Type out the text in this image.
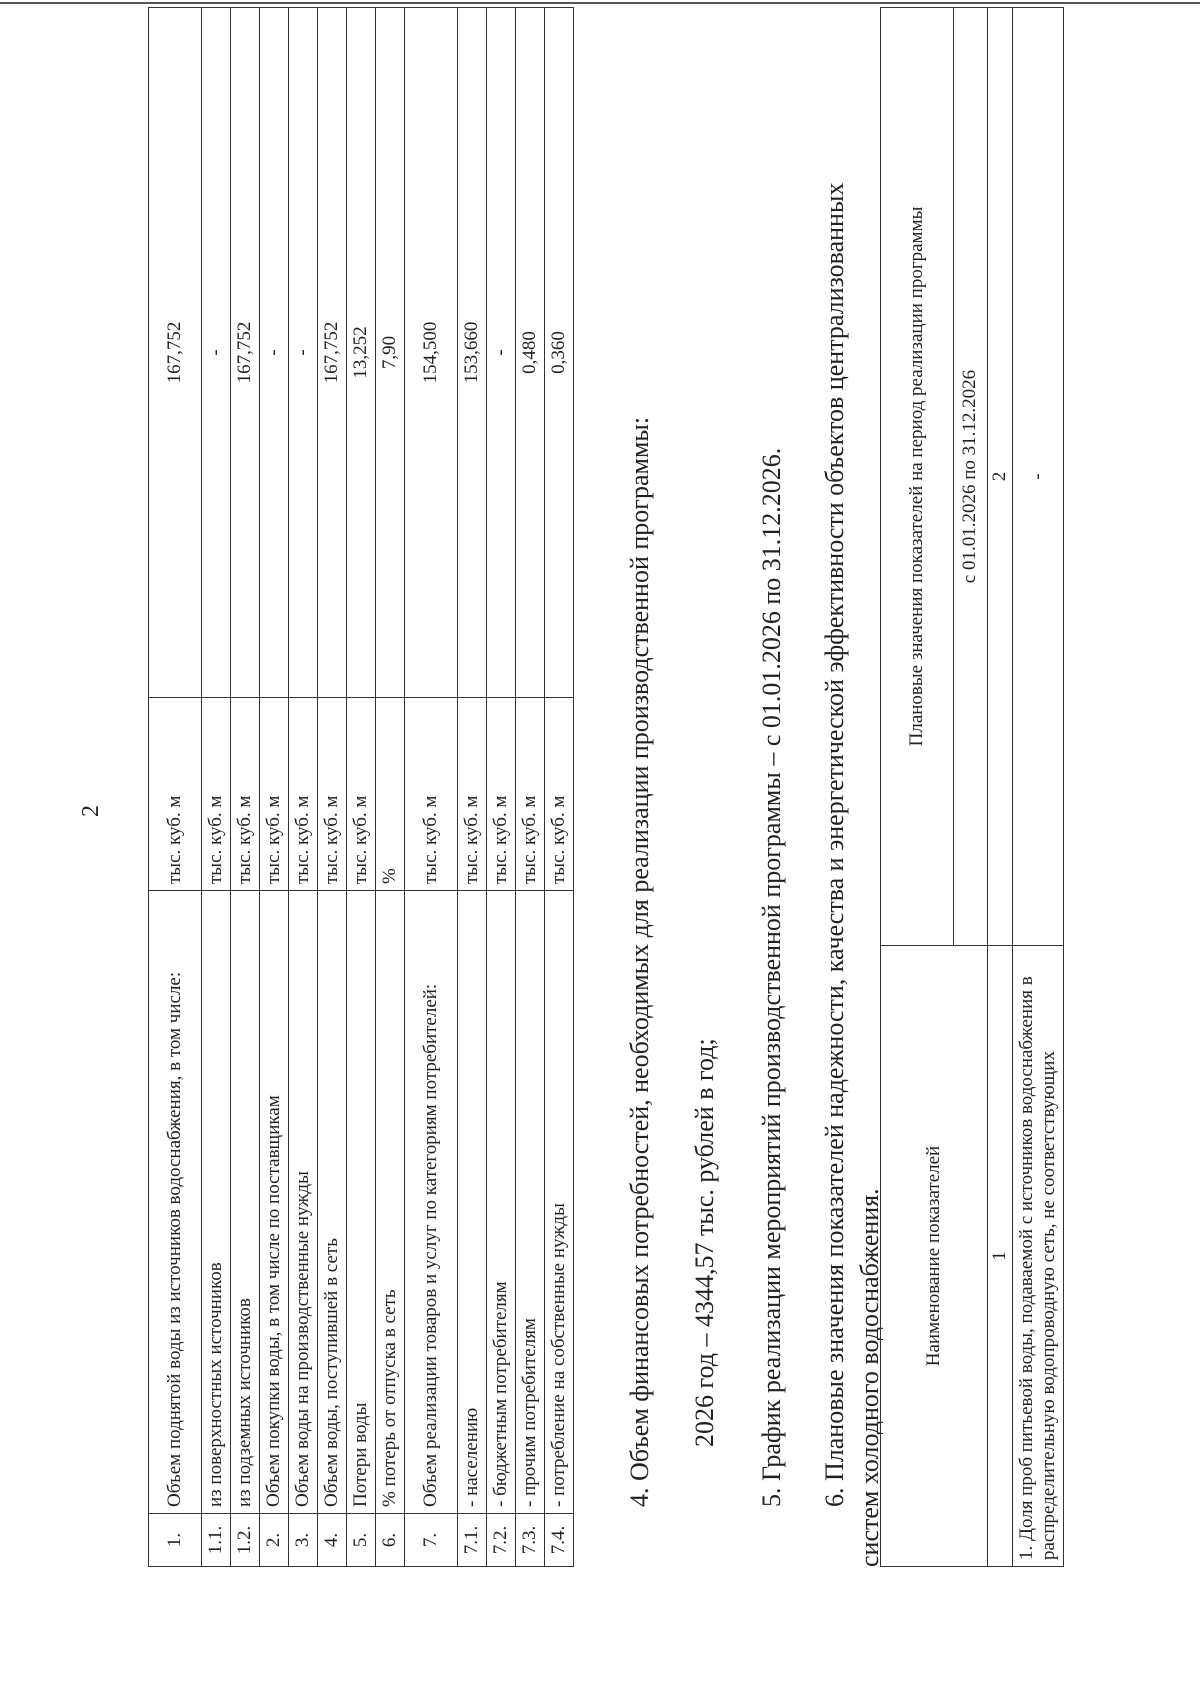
2
1.	Объем поднятой воды из источников водоснабжения, в том числе:	тыс. куб. м	167,752
1.1.	из поверхностных источников	тыс. куб. м	-
1.2.	из подземных источников	тыс. куб. м	167,752
2.	Объем покупки воды, в том числе по поставщикам	тыс. куб. м	-
3.	Объем воды на производственные нужды	тыс. куб. м	-
4.	Объем воды, поступившей в сеть	тыс. куб. м	167,752
5.	Потери воды	тыс. куб. м	13,252
6.	% потерь от отпуска в сеть	%	7,90
7.	Объем реализации товаров и услуг по категориям потребителей:	тыс. куб. м	154,500
7.1.	- населению	тыс. куб. м	153,660
7.2.	- бюджетным потребителям	тыс. куб. м	-
7.3.	- прочим потребителям	тыс. куб. м	0,480
7.4.	- потребление на собственные нужды	тыс. куб. м	0,360
4. Объем финансовых потребностей, необходимых для реализации производственной программы: 2026 год – 4344,57 тыс. рублей в год; 5. График реализации мероприятий производственной программы – с 01.01.2026 по 31.12.2026. 6. Плановые значения показателей надежности, качества и энергетической эффективности объектов централизованных систем холодного водоснабжения. Наименование показателей	Плановые значения показателей на период реализации программы
	с 01.01.2026 по 31.12.2026
1	2
1. Доля проб питьевой воды, подаваемой с источников водоснабжения в распределительную водопроводную сеть, не соответствующих	-
